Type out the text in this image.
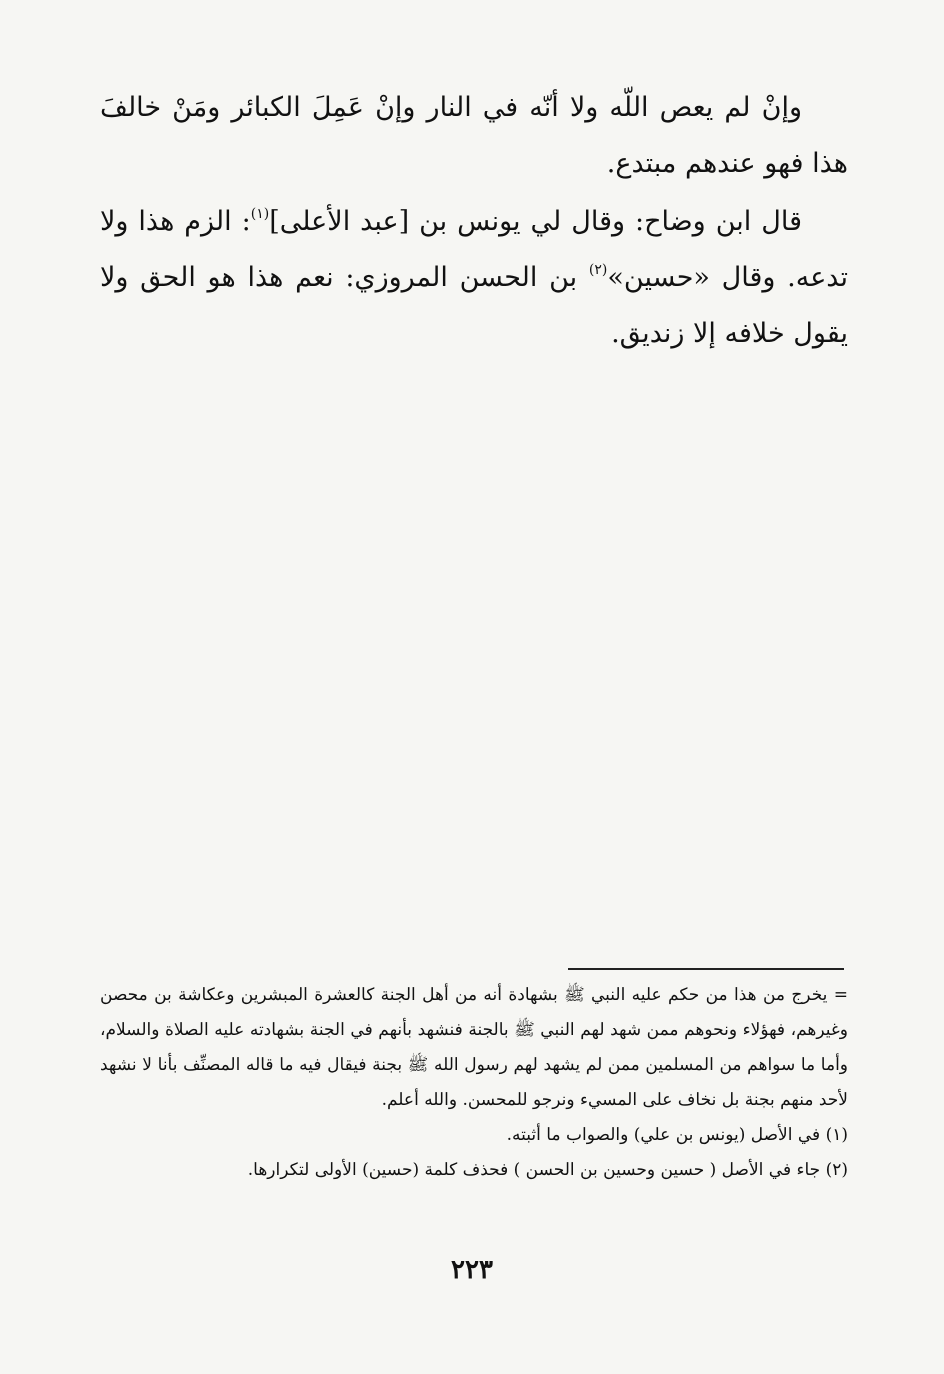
وإنْ لم يعص اللّه ولا أنّه في النار وإنْ عَمِلَ الكبائر ومَنْ خالفَ هذا فهو عندهم مبتدع.

قال ابن وضاح: وقال لي يونس بن [عبد الأعلى]$^{(١)}$: الزم هذا ولا تدعه. وقال «حسين»$^{(٢)}$ بن الحسن المروزي: نعم هذا هو الحق ولا يقول خلافه إلا زنديق.

= يخرج من هذا من حكم عليه النبي ﷺ بشهادة أنه من أهل الجنة كالعشرة المبشرين وعكاشة بن محصن وغيرهم، فهؤلاء ونحوهم ممن شهد لهم النبي ﷺ بالجنة فنشهد بأنهم في الجنة بشهادته عليه الصلاة والسلام، وأما ما سواهم من المسلمين ممن لم يشهد لهم رسول الله ﷺ بجنة فيقال فيه ما قاله المصنِّف بأنا لا نشهد لأحد منهم بجنة بل نخاف على المسيء ونرجو للمحسن. والله أعلم.

(١) في الأصل (يونس بن علي) والصواب ما أثبته.

(٢) جاء في الأصل ( حسين وحسين بن الحسن ) فحذف كلمة (حسين) الأولى لتكرارها.

٢٢٣
